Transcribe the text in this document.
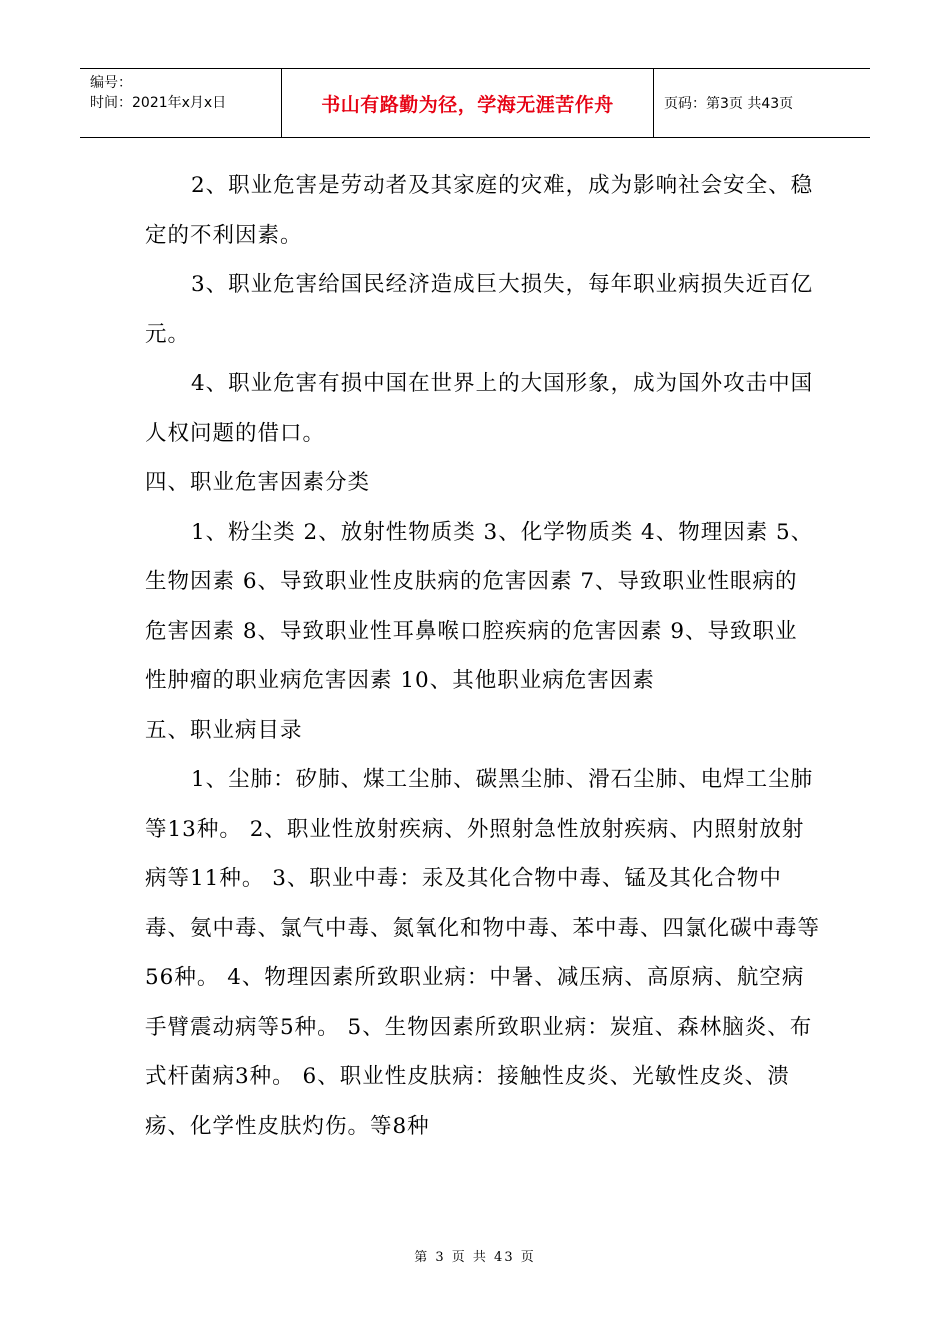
编号：
时间：2021年x月x日	书山有路勤为径，学海无涯苦作舟	页码：第3页 共43页

2、职业危害是劳动者及其家庭的灾难，成为影响社会安全、稳定的不利因素。

3、职业危害给国民经济造成巨大损失，每年职业病损失近百亿元。

4、职业危害有损中国在世界上的大国形象，成为国外攻击中国人权问题的借口。

四、职业危害因素分类

1、粉尘类 2、放射性物质类 3、化学物质类 4、物理因素 5、生物因素 6、导致职业性皮肤病的危害因素 7、导致职业性眼病的危害因素 8、导致职业性耳鼻喉口腔疾病的危害因素 9、导致职业性肿瘤的职业病危害因素 10、其他职业病危害因素

五、职业病目录

1、尘肺：矽肺、煤工尘肺、碳黑尘肺、滑石尘肺、电焊工尘肺等13种。 2、职业性放射疾病、外照射急性放射疾病、内照射放射病等11种。 3、职业中毒：汞及其化合物中毒、锰及其化合物中毒、氨中毒、氯气中毒、氮氧化和物中毒、苯中毒、四氯化碳中毒等56种。 4、物理因素所致职业病：中暑、减压病、高原病、航空病手臂震动病等5种。 5、生物因素所致职业病：炭疽、森林脑炎、布式杆菌病3种。 6、职业性皮肤病：接触性皮炎、光敏性皮炎、溃疡、化学性皮肤灼伤。等8种

第 3 页 共 43 页
